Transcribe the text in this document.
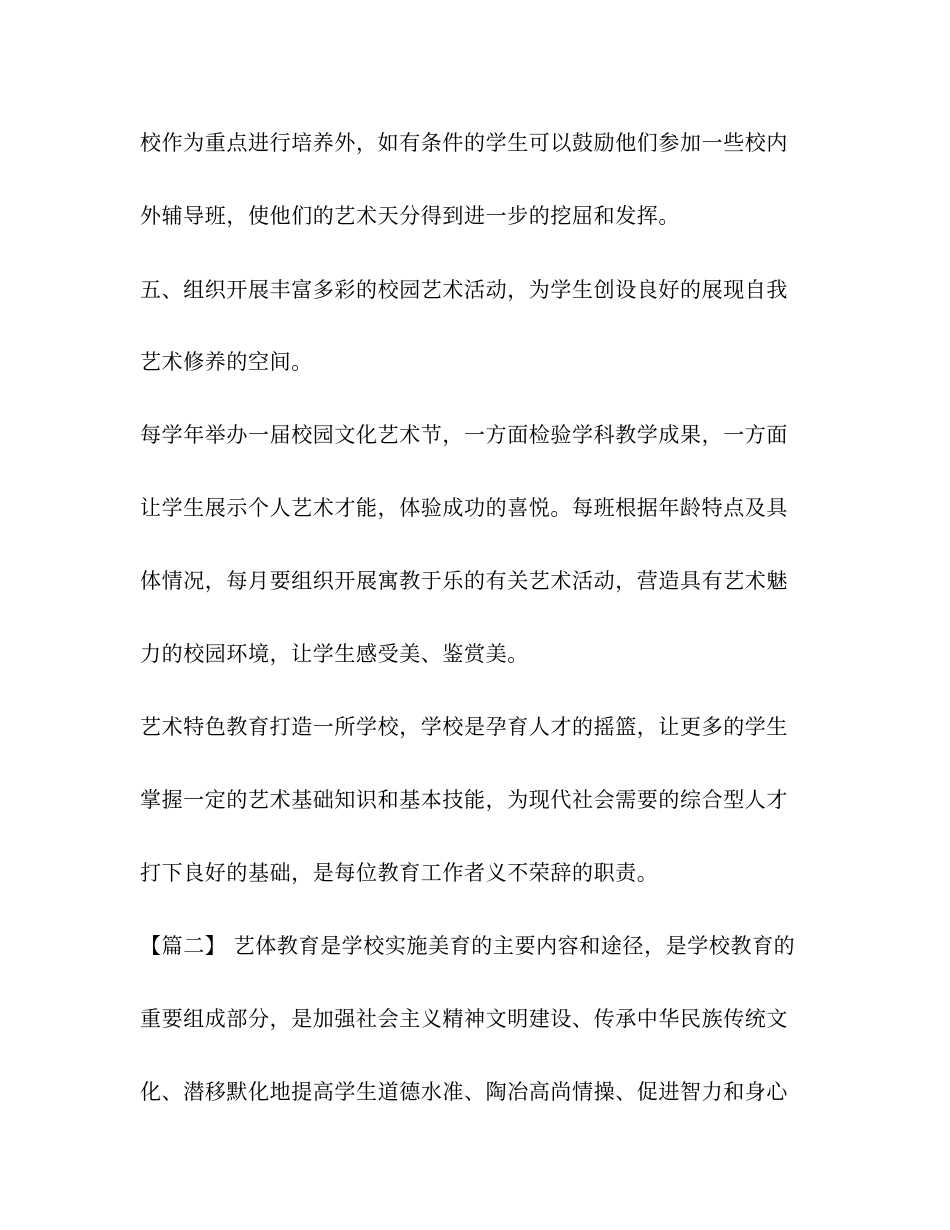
校作为重点进行培养外，如有条件的学生可以鼓励他们参加一些校内

外辅导班，使他们的艺术天分得到进一步的挖屈和发挥。

五、组织开展丰富多彩的校园艺术活动，为学生创设良好的展现自我

艺术修养的空间。

每学年举办一届校园文化艺术节，一方面检验学科教学成果，一方面

让学生展示个人艺术才能，体验成功的喜悦。每班根据年龄特点及具

体情况，每月要组织开展寓教于乐的有关艺术活动，营造具有艺术魅

力的校园环境，让学生感受美、鉴赏美。

艺术特色教育打造一所学校，学校是孕育人才的摇篮，让更多的学生

掌握一定的艺术基础知识和基本技能，为现代社会需要的综合型人才

打下良好的基础，是每位教育工作者义不荣辞的职责。

【篇二】 艺体教育是学校实施美育的主要内容和途径，是学校教育的

重要组成部分，是加强社会主义精神文明建设、传承中华民族传统文

化、潜移默化地提高学生道德水准、陶冶高尚情操、促进智力和身心
